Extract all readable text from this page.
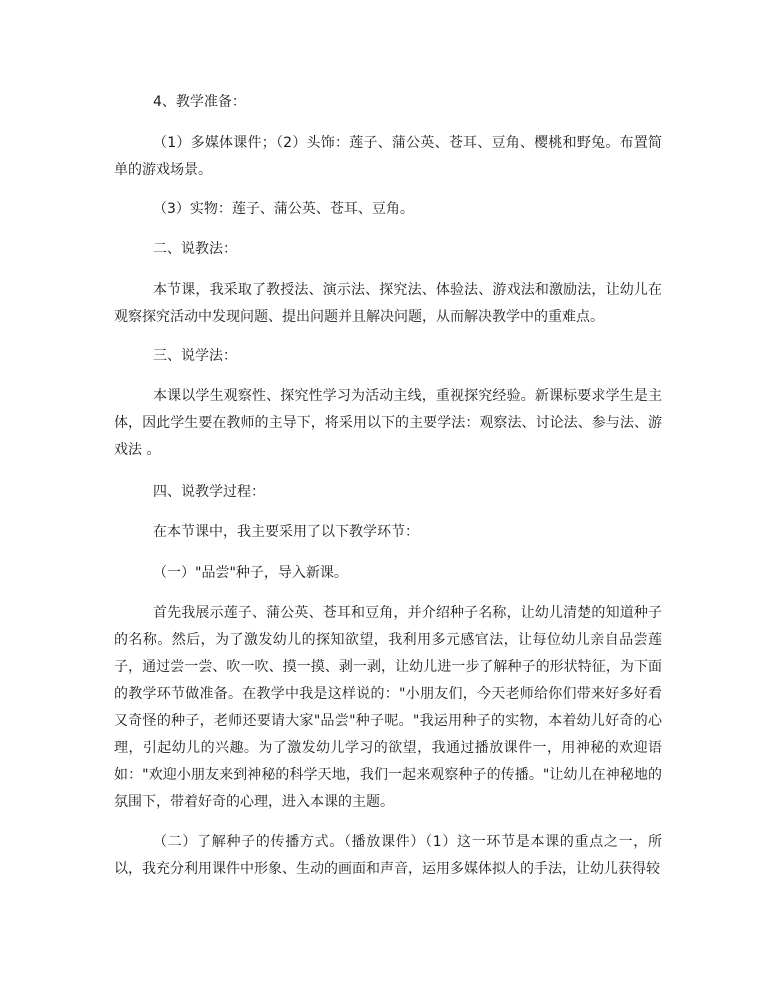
4、教学准备：

（1）多媒体课件；（2）头饰：莲子、蒲公英、苍耳、豆角、樱桃和野兔。布置简单的游戏场景。

（3）实物：莲子、蒲公英、苍耳、豆角。

二、说教法：

本节课，我采取了教授法、演示法、探究法、体验法、游戏法和激励法，让幼儿在观察探究活动中发现问题、提出问题并且解决问题，从而解决教学中的重难点。

三、说学法：

本课以学生观察性、探究性学习为活动主线，重视探究经验。新课标要求学生是主体，因此学生要在教师的主导下，将采用以下的主要学法：观察法、讨论法、参与法、游戏法 。

四、说教学过程：

在本节课中，我主要采用了以下教学环节：

（一）"品尝"种子，导入新课。

首先我展示莲子、蒲公英、苍耳和豆角，并介绍种子名称，让幼儿清楚的知道种子的名称。然后，为了激发幼儿的探知欲望，我利用多元感官法，让每位幼儿亲自品尝莲子，通过尝一尝、吹一吹、摸一摸、剥一剥，让幼儿进一步了解种子的形状特征，为下面的教学环节做准备。在教学中我是这样说的："小朋友们，今天老师给你们带来好多好看又奇怪的种子，老师还要请大家"品尝"种子呢。"我运用种子的实物，本着幼儿好奇的心理，引起幼儿的兴趣。为了激发幼儿学习的欲望，我通过播放课件一，用神秘的欢迎语如："欢迎小朋友来到神秘的科学天地，我们一起来观察种子的传播。"让幼儿在神秘地的氛围下，带着好奇的心理，进入本课的主题。

（二）了解种子的传播方式。（播放课件）（1）这一环节是本课的重点之一，所以，我充分利用课件中形象、生动的画面和声音，运用多媒体拟人的手法，让幼儿获得较
